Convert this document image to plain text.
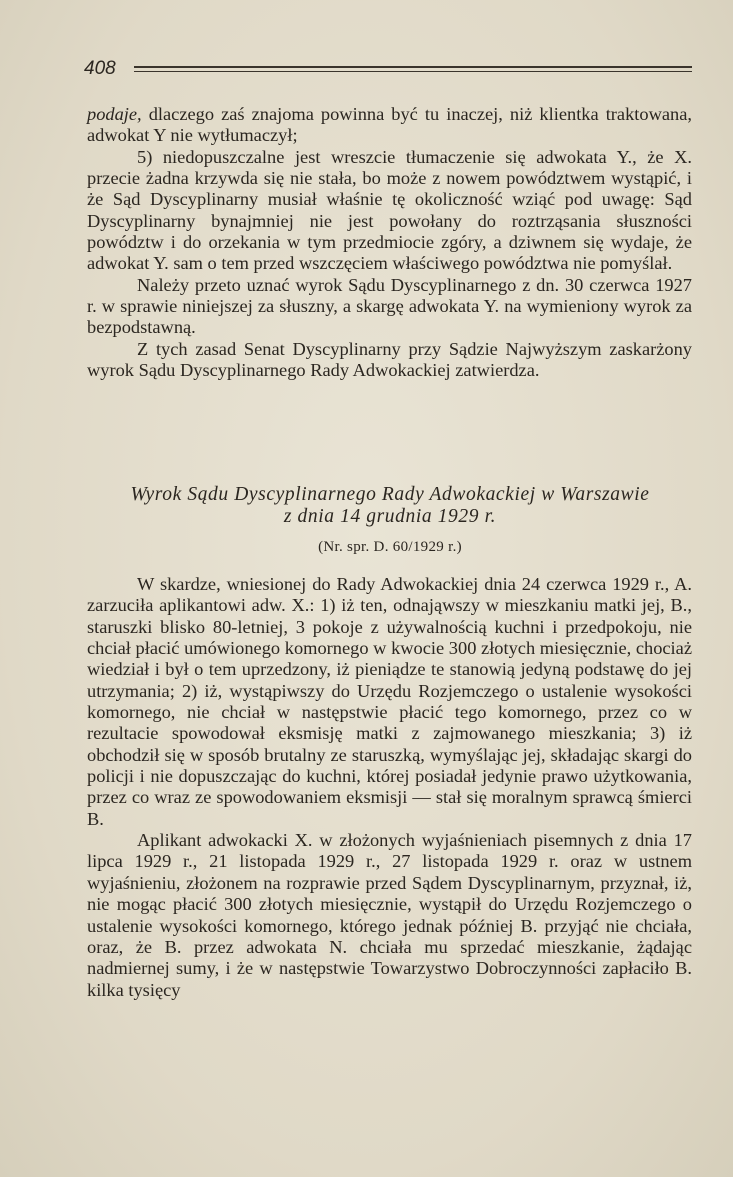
408

podaje, dlaczego zaś znajoma powinna być tu inaczej, niż klientka traktowana, adwokat Y nie wytłumaczył;

5) niedopuszczalne jest wreszcie tłumaczenie się adwokata Y., że X. przecie żadna krzywda się nie stała, bo może z nowem powództwem wystąpić, i że Sąd Dyscyplinarny musiał właśnie tę okoliczność wziąć pod uwagę: Sąd Dyscyplinarny bynajmniej nie jest powołany do roztrząsania słuszności powództw i do orzekania w tym przedmiocie zgóry, a dziwnem się wydaje, że adwokat Y. sam o tem przed wszczęciem właściwego powództwa nie pomyślał.

Należy przeto uznać wyrok Sądu Dyscyplinarnego z dn. 30 czerwca 1927 r. w sprawie niniejszej za słuszny, a skargę adwokata Y. na wymieniony wyrok za bezpodstawną.

Z tych zasad Senat Dyscyplinarny przy Sądzie Najwyższym zaskarżony wyrok Sądu Dyscyplinarnego Rady Adwokackiej zatwierdza.

Wyrok Sądu Dyscyplinarnego Rady Adwokackiej w Warszawie
z dnia 14 grudnia 1929 r.
(Nr. spr. D. 60/1929 r.)

W skardze, wniesionej do Rady Adwokackiej dnia 24 czerwca 1929 r., A. zarzuciła aplikantowi adw. X.: 1) iż ten, odnająwszy w mieszkaniu matki jej, B., staruszki blisko 80-letniej, 3 pokoje z używalnością kuchni i przedpokoju, nie chciał płacić umówionego komornego w kwocie 300 złotych miesięcznie, chociaż wiedział i był o tem uprzedzony, iż pieniądze te stanowią jedyną podstawę do jej utrzymania; 2) iż, wystąpiwszy do Urzędu Rozjemczego o ustalenie wysokości komornego, nie chciał w następstwie płacić tego komornego, przez co w rezultacie spowodował eksmisję matki z zajmowanego mieszkania; 3) iż obchodził się w sposób brutalny ze staruszką, wymyślając jej, składając skargi do policji i nie dopuszczając do kuchni, której posiadał jedynie prawo użytkowania, przez co wraz ze spowodowaniem eksmisji — stał się moralnym sprawcą śmierci B.

Aplikant adwokacki X. w złożonych wyjaśnieniach pisemnych z dnia 17 lipca 1929 r., 21 listopada 1929 r., 27 listopada 1929 r. oraz w ustnem wyjaśnieniu, złożonem na rozprawie przed Sądem Dyscyplinarnym, przyznał, iż, nie mogąc płacić 300 złotych miesięcznie, wystąpił do Urzędu Rozjemczego o ustalenie wysokości komornego, którego jednak później B. przyjąć nie chciała, oraz, że B. przez adwokata N. chciała mu sprzedać mieszkanie, żądając nadmiernej sumy, i że w następstwie Towarzystwo Dobroczynności zapłaciło B. kilka tysięcy
